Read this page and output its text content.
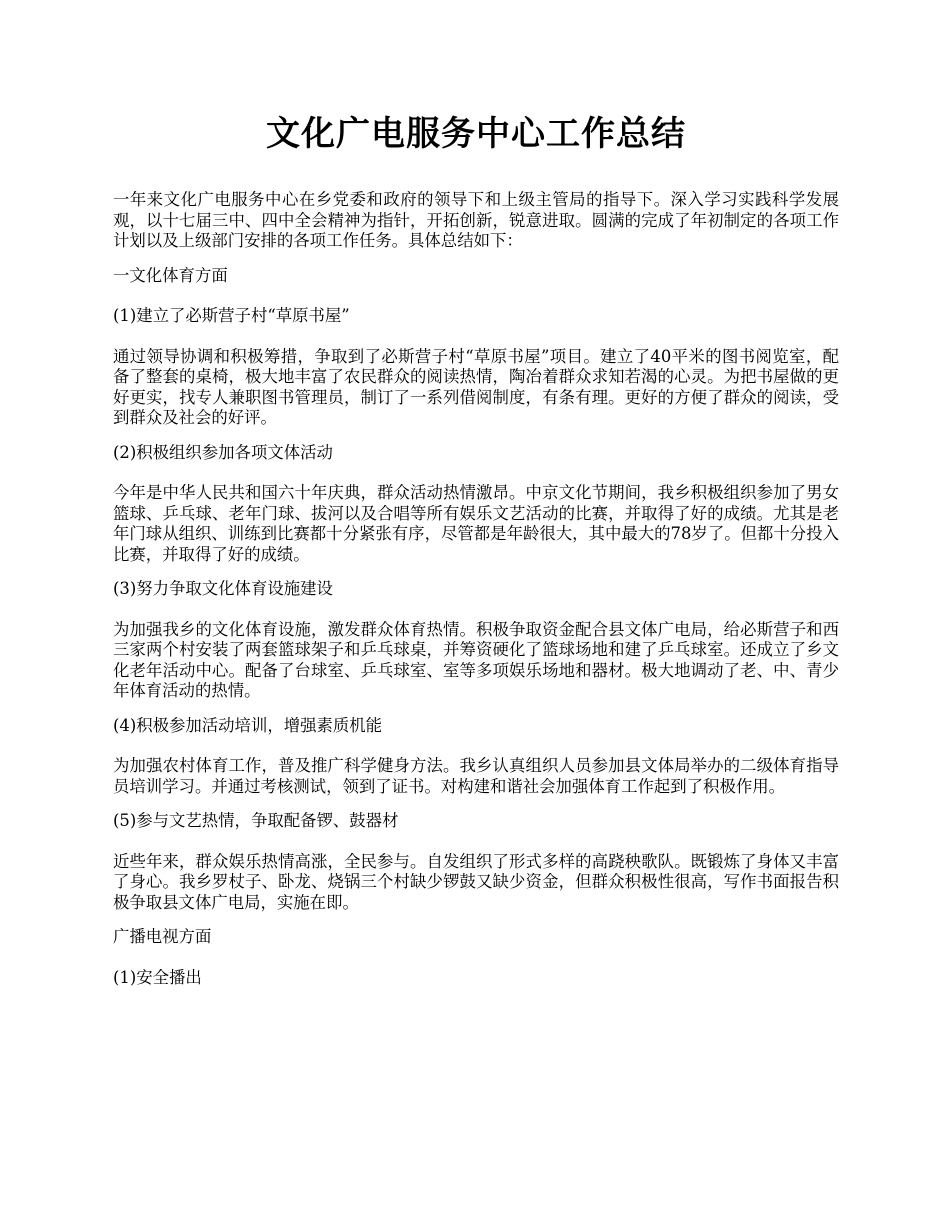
文化广电服务中心工作总结

一年来文化广电服务中心在乡党委和政府的领导下和上级主管局的指导下。深入学习实践科学发展观，以十七届三中、四中全会精神为指针，开拓创新，锐意进取。圆满的完成了年初制定的各项工作计划以及上级部门安排的各项工作任务。具体总结如下：

一文化体育方面

(1)建立了必斯营子村“草原书屋”

通过领导协调和积极筹措，争取到了必斯营子村“草原书屋”项目。建立了40平米的图书阅览室，配备了整套的桌椅，极大地丰富了农民群众的阅读热情，陶冶着群众求知若渴的心灵。为把书屋做的更好更实，找专人兼职图书管理员，制订了一系列借阅制度，有条有理。更好的方便了群众的阅读，受到群众及社会的好评。

(2)积极组织参加各项文体活动

今年是中华人民共和国六十年庆典，群众活动热情激昂。中京文化节期间，我乡积极组织参加了男女篮球、乒乓球、老年门球、拔河以及合唱等所有娱乐文艺活动的比赛，并取得了好的成绩。尤其是老年门球从组织、训练到比赛都十分紧张有序，尽管都是年龄很大，其中最大的78岁了。但都十分投入比赛，并取得了好的成绩。

(3)努力争取文化体育设施建设

为加强我乡的文化体育设施，激发群众体育热情。积极争取资金配合县文体广电局，给必斯营子和西三家两个村安装了两套篮球架子和乒乓球桌，并筹资硬化了篮球场地和建了乒乓球室。还成立了乡文化老年活动中心。配备了台球室、乒乓球室、室等多项娱乐场地和器材。极大地调动了老、中、青少年体育活动的热情。

(4)积极参加活动培训，增强素质机能

为加强农村体育工作，普及推广科学健身方法。我乡认真组织人员参加县文体局举办的二级体育指导员培训学习。并通过考核测试，领到了证书。对构建和谐社会加强体育工作起到了积极作用。

(5)参与文艺热情，争取配备锣、鼓器材

近些年来，群众娱乐热情高涨，全民参与。自发组织了形式多样的高跷秧歌队。既锻炼了身体又丰富了身心。我乡罗杖子、卧龙、烧锅三个村缺少锣鼓又缺少资金，但群众积极性很高，写作书面报告积极争取县文体广电局，实施在即。

广播电视方面

(1)安全播出
